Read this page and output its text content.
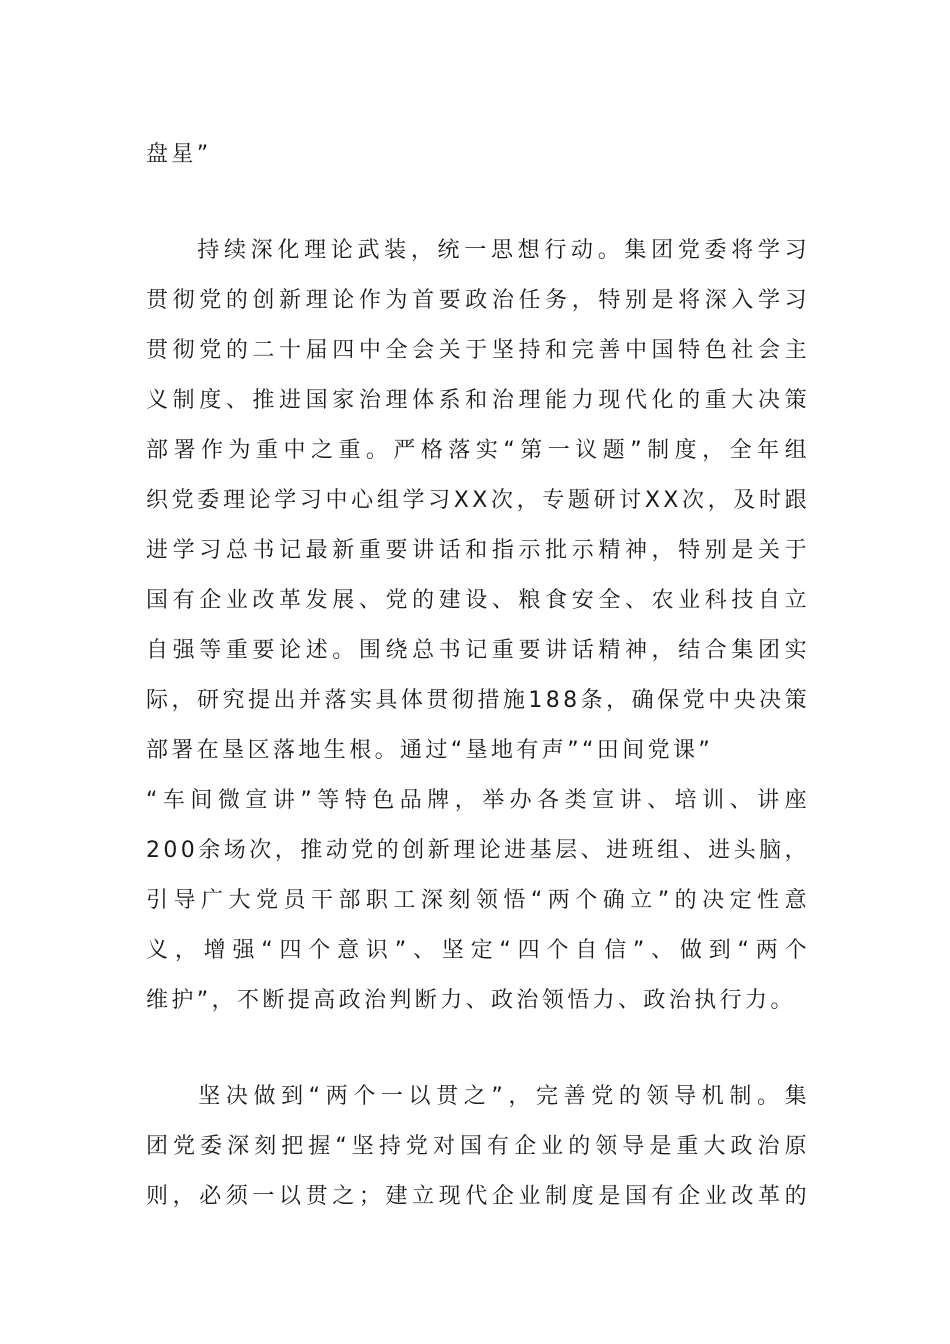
盘星”
持续深化理论武装，统一思想行动。集团党委将学习
贯彻党的创新理论作为首要政治任务，特别是将深入学习
贯彻党的二十届四中全会关于坚持和完善中国特色社会主
义制度、推进国家治理体系和治理能力现代化的重大决策
部署作为重中之重。严格落实“第一议题”制度，全年组
织党委理论学习中心组学习XX次，专题研讨XX次，及时跟
进学习总书记最新重要讲话和指示批示精神，特别是关于
国有企业改革发展、党的建设、粮食安全、农业科技自立
自强等重要论述。围绕总书记重要讲话精神，结合集团实
际，研究提出并落实具体贯彻措施188条，确保党中央决策
部署在垦区落地生根。通过“垦地有声”“田间党课”
“车间微宣讲”等特色品牌，举办各类宣讲、培训、讲座
200余场次，推动党的创新理论进基层、进班组、进头脑，
引导广大党员干部职工深刻领悟“两个确立”的决定性意
义，增强“四个意识”、坚定“四个自信”、做到“两个
维护”，不断提高政治判断力、政治领悟力、政治执行力。
坚决做到“两个一以贯之”，完善党的领导机制。集
团党委深刻把握“坚持党对国有企业的领导是重大政治原
则，必须一以贯之；建立现代企业制度是国有企业改革的
